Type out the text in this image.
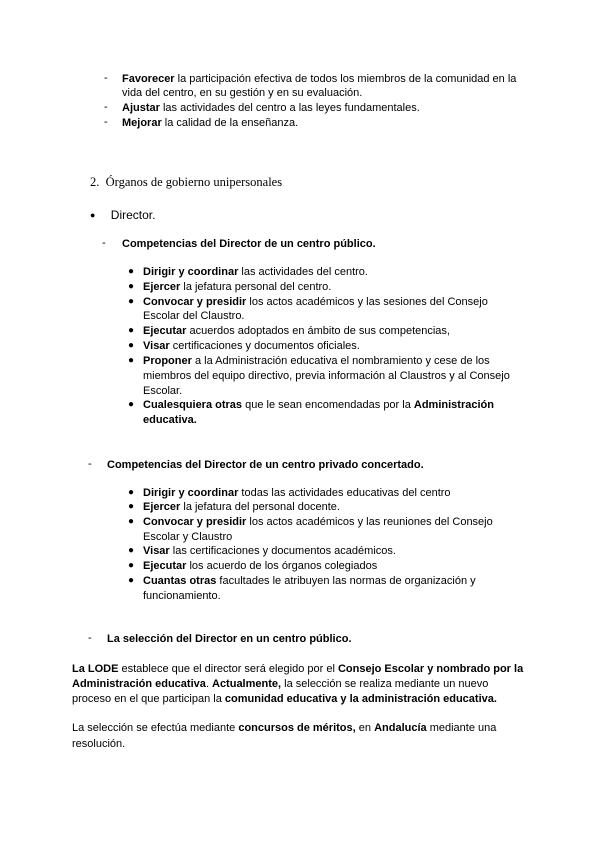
-	Favorecer la participación efectiva de todos los miembros de la comunidad en la
vida del centro, en su gestión y en su evaluación.
-	Ajustar las actividades del centro a las leyes fundamentales.
-	Mejorar la calidad de la enseñanza.
2. Órganos de gobierno unipersonales
● Director.
-	Competencias del Director de un centro público.
● Dirigir y coordinar las actividades del centro.
● Ejercer la jefatura personal del centro.
● Convocar y presidir los actos académicos y las sesiones del Consejo
Escolar del Claustro.
● Ejecutar acuerdos adoptados en ámbito de sus competencias,
● Visar certificaciones y documentos oficiales.
● Proponer a la Administración educativa el nombramiento y cese de los
miembros del equipo directivo, previa información al Claustros y al Consejo
Escolar.
● Cualesquiera otras que le sean encomendadas por la Administración
educativa.
-	Competencias del Director de un centro privado concertado.
● Dirigir y coordinar todas las actividades educativas del centro
● Ejercer la jefatura del personal docente.
● Convocar y presidir los actos académicos y las reuniones del Consejo
Escolar y Claustro
● Visar las certificaciones y documentos académicos.
● Ejecutar los acuerdo de los órganos colegiados
● Cuantas otras facultades le atribuyen las normas de organización y
funcionamiento.
-	La selección del Director en un centro público.
La LODE establece que el director será elegido por el Consejo Escolar y nombrado por la
Administración educativa. Actualmente, la selección se realiza mediante un nuevo
proceso en el que participan la comunidad educativa y la administración educativa.
La selección se efectúa mediante concursos de méritos, en Andalucía mediante una
resolución.
